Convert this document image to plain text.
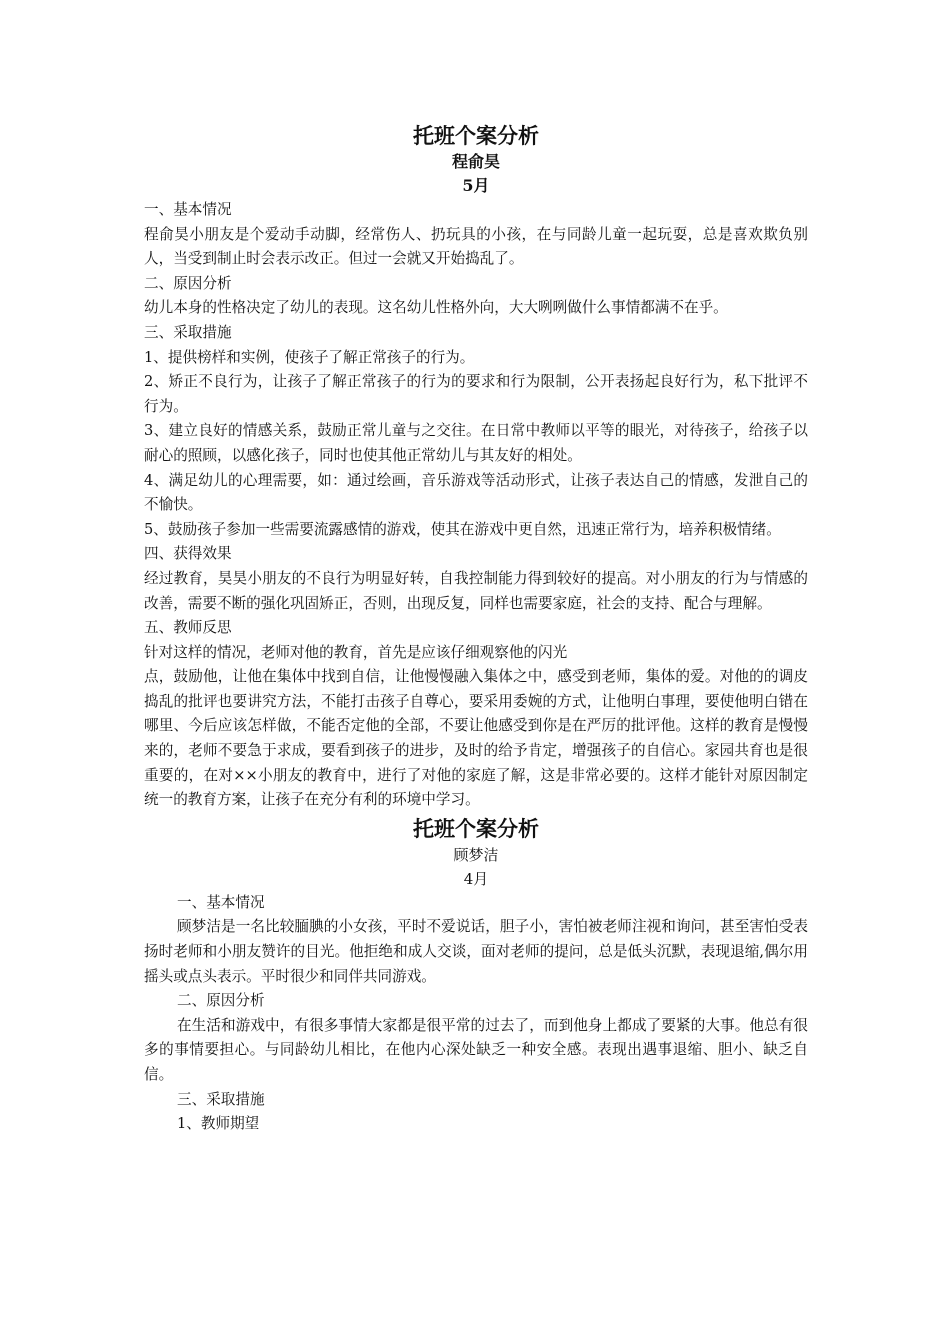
托班个案分析

程俞昊

5月

一、基本情况

程俞昊小朋友是个爱动手动脚，经常伤人、扔玩具的小孩，在与同龄儿童一起玩耍，总是喜欢欺负别人，当受到制止时会表示改正。但过一会就又开始捣乱了。

二、原因分析

幼儿本身的性格决定了幼儿的表现。这名幼儿性格外向，大大咧咧做什么事情都满不在乎。

三、采取措施

1、提供榜样和实例，使孩子了解正常孩子的行为。

2、矫正不良行为，让孩子了解正常孩子的行为的要求和行为限制，公开表扬起良好行为，私下批评不行为。

3、建立良好的情感关系，鼓励正常儿童与之交往。在日常中教师以平等的眼光，对待孩子，给孩子以耐心的照顾，以感化孩子，同时也使其他正常幼儿与其友好的相处。

4、满足幼儿的心理需要，如：通过绘画，音乐游戏等活动形式，让孩子表达自己的情感，发泄自己的不愉快。

5、鼓励孩子参加一些需要流露感情的游戏，使其在游戏中更自然，迅速正常行为，培养积极情绪。

四、获得效果

经过教育，昊昊小朋友的不良行为明显好转，自我控制能力得到较好的提高。对小朋友的行为与情感的改善，需要不断的强化巩固矫正，否则，出现反复，同样也需要家庭，社会的支持、配合与理解。

五、教师反思

针对这样的情况，老师对他的教育，首先是应该仔细观察他的闪光

点，鼓励他，让他在集体中找到自信，让他慢慢融入集体之中，感受到老师，集体的爱。对他的的调皮捣乱的批评也要讲究方法，不能打击孩子自尊心，要采用委婉的方式，让他明白事理，要使他明白错在哪里、今后应该怎样做，不能否定他的全部，不要让他感受到你是在严厉的批评他。这样的教育是慢慢来的，老师不要急于求成，要看到孩子的进步，及时的给予肯定，增强孩子的自信心。家园共育也是很重要的，在对××小朋友的教育中，进行了对他的家庭了解，这是非常必要的。这样才能针对原因制定统一的教育方案，让孩子在充分有利的环境中学习。

托班个案分析

顾梦洁

4月

一、基本情况

顾梦洁是一名比较腼腆的小女孩，平时不爱说话，胆子小，害怕被老师注视和询问，甚至害怕受表扬时老师和小朋友赞许的目光。他拒绝和成人交谈，面对老师的提问，总是低头沉默，表现退缩,偶尔用摇头或点头表示。平时很少和同伴共同游戏。

二、原因分析

在生活和游戏中，有很多事情大家都是很平常的过去了，而到他身上都成了要紧的大事。他总有很多的事情要担心。与同龄幼儿相比，在他内心深处缺乏一种安全感。表现出遇事退缩、胆小、缺乏自信。

三、采取措施

1、教师期望
